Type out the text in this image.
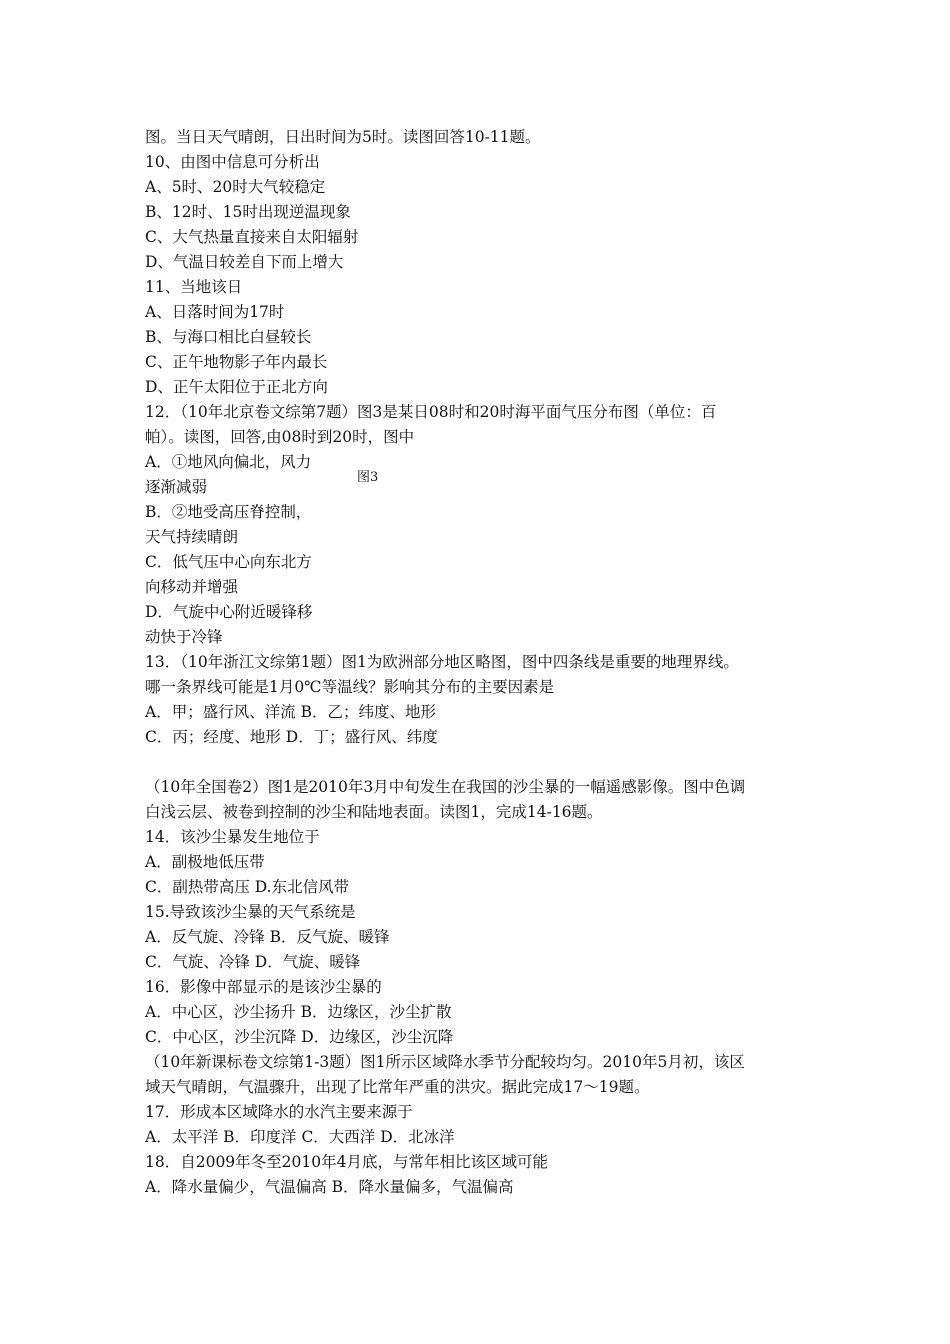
图。当日天气晴朗，日出时间为5时。读图回答10-11题。
10、由图中信息可分析出
A、5时、20时大气较稳定
B、12时、15时出现逆温现象
C、大气热量直接来自太阳辐射
D、气温日较差自下而上增大
11、当地该日
A、日落时间为17时
B、与海口相比白昼较长
C、正午地物影子年内最长
D、正午太阳位于正北方向
12．（10年北京卷文综第7题）图3是某日08时和20时海平面气压分布图（单位：百
帕）。读图，回答,由08时到20时，图中
A．①地风向偏北，风力
图3
逐渐减弱
B．②地受高压脊控制，
天气持续晴朗
C．低气压中心向东北方
向移动并增强
D．气旋中心附近暖锋移
动快于冷锋
13．（10年浙江文综第1题）图1为欧洲部分地区略图，图中四条线是重要的地理界线。
哪一条界线可能是1月0℃等温线？影响其分布的主要因素是
A．甲；盛行风、洋流 B．乙；纬度、地形
C．丙；经度、地形 D．丁；盛行风、纬度
（10年全国卷2）图1是2010年3月中旬发生在我国的沙尘暴的一幅遥感影像。图中色调
白浅云层、被卷到控制的沙尘和陆地表面。读图1，完成14-16题。
14．该沙尘暴发生地位于
A．副极地低压带
C．副热带高压 D.东北信风带
15.导致该沙尘暴的天气系统是
A．反气旋、冷锋 B．反气旋、暖锋
C．气旋、冷锋 D．气旋、暖锋
16．影像中部显示的是该沙尘暴的
A．中心区，沙尘扬升 B．边缘区，沙尘扩散
C．中心区，沙尘沉降 D．边缘区，沙尘沉降
（10年新课标卷文综第1-3题）图1所示区域降水季节分配较均匀。2010年5月初，该区
域天气晴朗，气温骤升，出现了比常年严重的洪灾。据此完成17～19题。
17．形成本区域降水的水汽主要来源于
A．太平洋 B．印度洋 C．大西洋 D．北冰洋
18．自2009年冬至2010年4月底，与常年相比该区域可能
A．降水量偏少，气温偏高 B．降水量偏多，气温偏高
